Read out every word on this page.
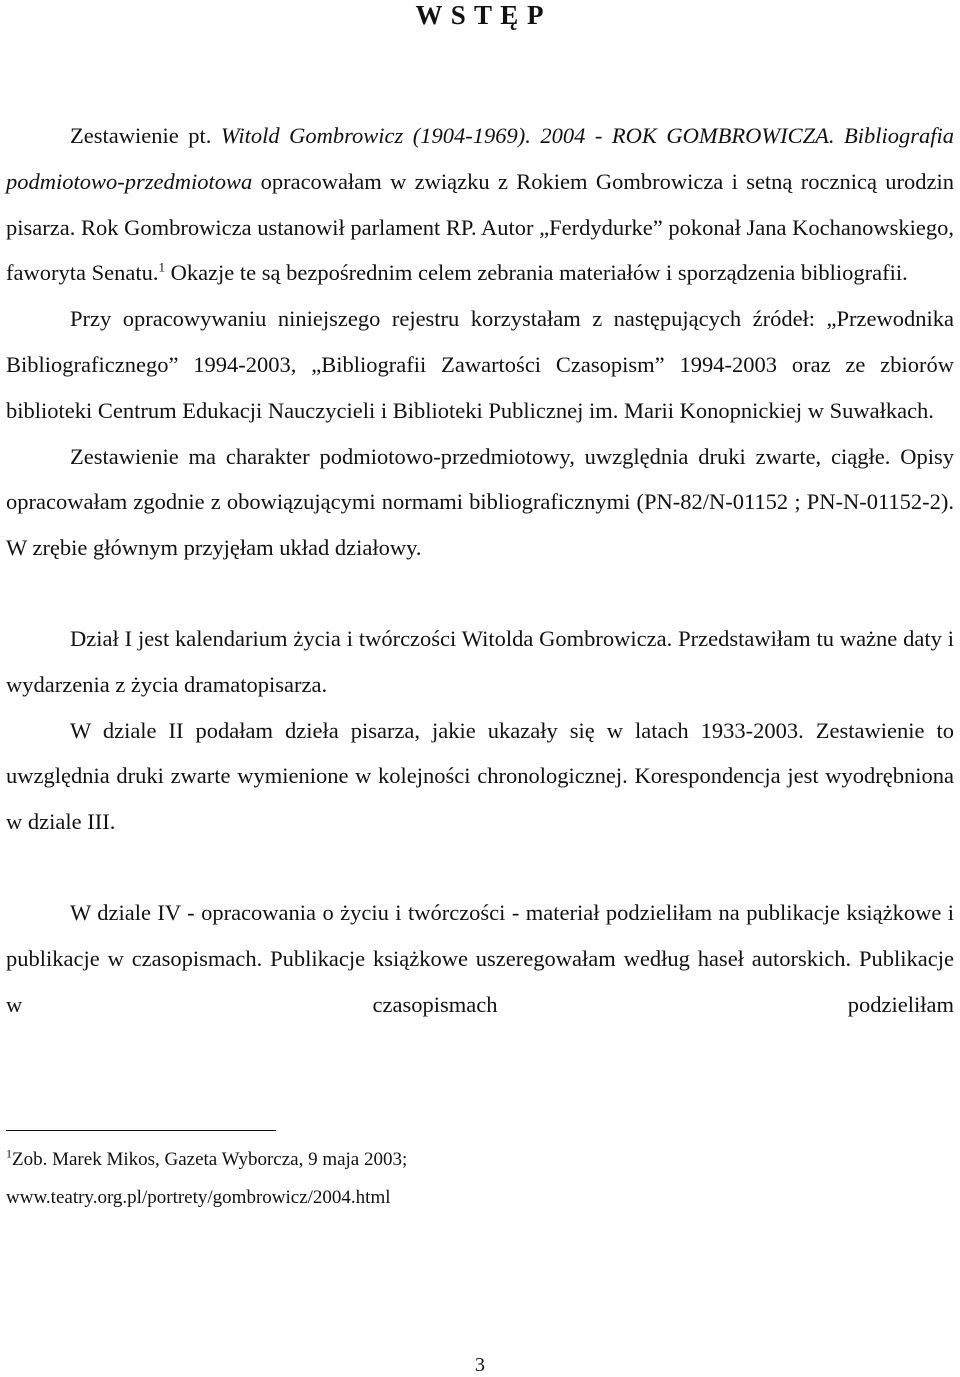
W S T Ę P

Zestawienie pt. Witold Gombrowicz (1904-1969). 2004 - ROK GOMBROWICZA. Bibliografia podmiotowo-przedmiotowa opracowałam w związku z Rokiem Gombrowicza i setną rocznicą urodzin pisarza. Rok Gombrowicza ustanowił parlament RP. Autor „Ferdydurke” pokonał Jana Kochanowskiego, faworyta Senatu.$^1$ Okazje te są bezpośrednim celem zebrania materiałów i sporządzenia bibliografii.

Przy opracowywaniu niniejszego rejestru korzystałam z następujących źródeł: „Przewodnika Bibliograficznego” 1994-2003, „Bibliografii Zawartości Czasopism” 1994-2003 oraz ze zbiorów biblioteki Centrum Edukacji Nauczycieli i Biblioteki Publicznej im. Marii Konopnickiej w Suwałkach.

Zestawienie ma charakter podmiotowo-przedmiotowy, uwzględnia druki zwarte, ciągłe. Opisy opracowałam zgodnie z obowiązującymi normami bibliograficznymi (PN-82/N-01152 ; PN-N-01152-2). W zrębie głównym przyjęłam układ działowy.

Dział I jest kalendarium życia i twórczości Witolda Gombrowicza. Przedstawiłam tu ważne daty i wydarzenia z życia dramatopisarza.

W dziale II podałam dzieła pisarza, jakie ukazały się w latach 1933-2003. Zestawienie to uwzględnia druki zwarte wymienione w kolejności chronologicznej. Korespondencja jest wyodrębniona w dziale III.

W dziale IV - opracowania o życiu i twórczości - materiał podzieliłam na publikacje książkowe i publikacje w czasopismach. Publikacje książkowe uszeregowałam według haseł autorskich. Publikacje w czasopismach podzieliłam

$^1$Zob. Marek Mikos, Gazeta Wyborcza, 9 maja 2003;
www.teatry.org.pl/portrety/gombrowicz/2004.html
3
